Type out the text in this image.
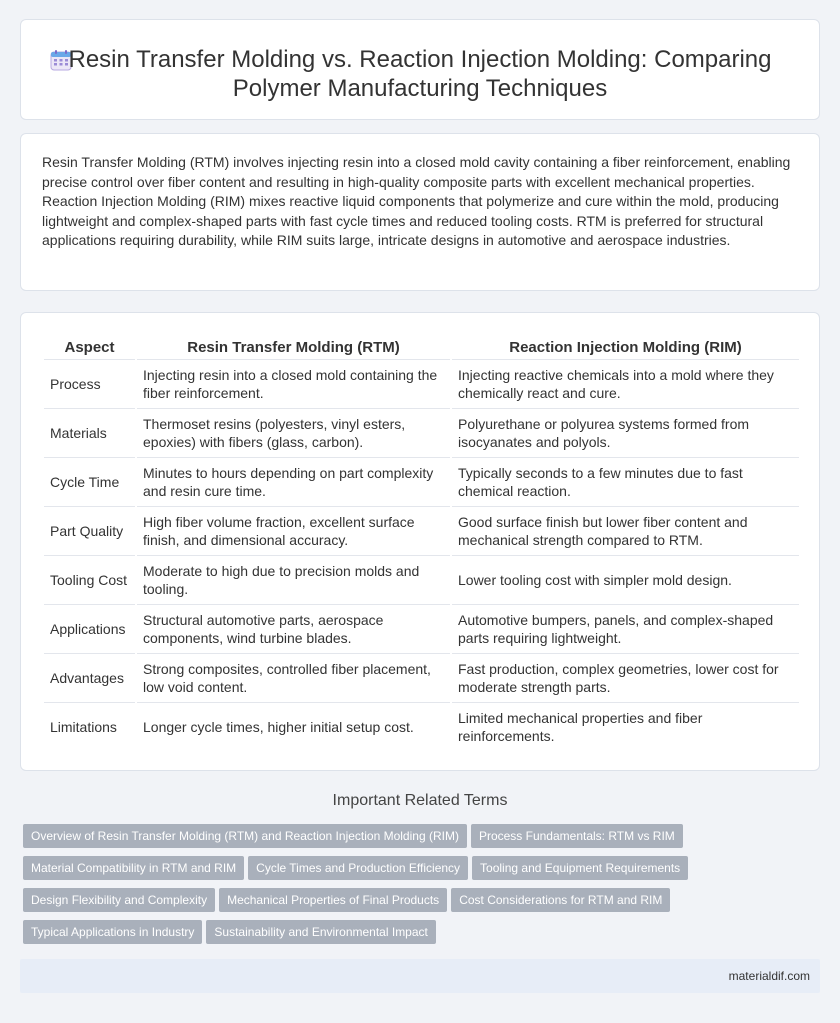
Resin Transfer Molding vs. Reaction Injection Molding: Comparing Polymer Manufacturing Techniques

Resin Transfer Molding (RTM) involves injecting resin into a closed mold cavity containing a fiber reinforcement, enabling precise control over fiber content and resulting in high-quality composite parts with excellent mechanical properties. Reaction Injection Molding (RIM) mixes reactive liquid components that polymerize and cure within the mold, producing lightweight and complex-shaped parts with fast cycle times and reduced tooling costs. RTM is preferred for structural applications requiring durability, while RIM suits large, intricate designs in automotive and aerospace industries.

Aspect	Resin Transfer Molding (RTM)	Reaction Injection Molding (RIM)
Process	Injecting resin into a closed mold containing the fiber reinforcement.	Injecting reactive chemicals into a mold where they chemically react and cure.
Materials	Thermoset resins (polyesters, vinyl esters, epoxies) with fibers (glass, carbon).	Polyurethane or polyurea systems formed from isocyanates and polyols.
Cycle Time	Minutes to hours depending on part complexity and resin cure time.	Typically seconds to a few minutes due to fast chemical reaction.
Part Quality	High fiber volume fraction, excellent surface finish, and dimensional accuracy.	Good surface finish but lower fiber content and mechanical strength compared to RTM.
Tooling Cost	Moderate to high due to precision molds and tooling.	Lower tooling cost with simpler mold design.
Applications	Structural automotive parts, aerospace components, wind turbine blades.	Automotive bumpers, panels, and complex-shaped parts requiring lightweight.
Advantages	Strong composites, controlled fiber placement, low void content.	Fast production, complex geometries, lower cost for moderate strength parts.
Limitations	Longer cycle times, higher initial setup cost.	Limited mechanical properties and fiber reinforcements.
Important Related Terms
Overview of Resin Transfer Molding (RTM) and Reaction Injection Molding (RIM) Process Fundamentals: RTM vs RIM
Material Compatibility in RTM and RIM Cycle Times and Production Efficiency Tooling and Equipment Requirements
Design Flexibility and Complexity Mechanical Properties of Final Products Cost Considerations for RTM and RIM
Typical Applications in Industry Sustainability and Environmental Impact
materialdif.com
